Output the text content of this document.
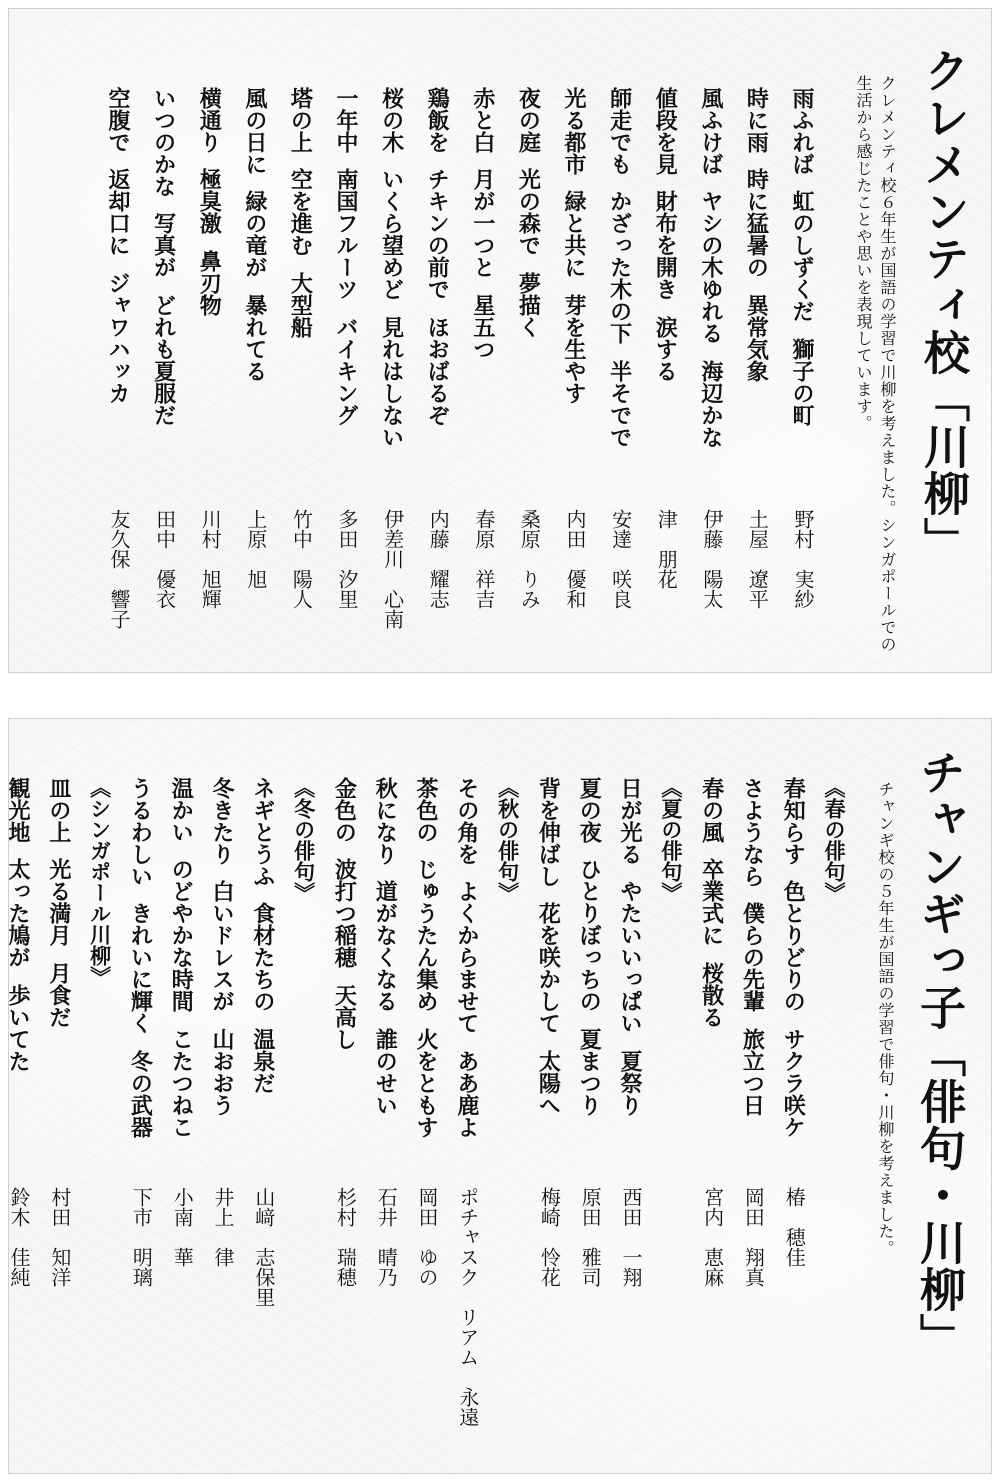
クレメンティ校「川柳」
クレメンティ校６年生が国語の学習で川柳を考えました。シンガポールでの
生活から感じたことや思いを表現しています。
雨ふれば虹のしずくだ獅子の町
野村実紗
時に雨時に猛暑の異常気象
土屋遼平
風ふけばヤシの木ゆれる海辺かな
伊藤陽太
値段を見財布を開き涙する
津朋花
師走でもかざった木の下半そでで
安達咲良
光る都市緑と共に芽を生やす
内田優和
夜の庭光の森で夢描く
桑原りみ
赤と白月が一つと星五つ
春原祥吉
鶏飯をチキンの前でほおばるぞ
内藤耀志
桜の木いくら望めど見れはしない
伊差川心南
一年中南国フルーツバイキング
多田汐里
塔の上空を進む大型船
竹中陽人
風の日に緑の竜が暴れてる
上原旭
横通り極臭激鼻刃物
川村旭輝
いつのかな写真がどれも夏服だ
田中優衣
空腹で返却口にジャワハッカ
友久保響子
チャンギっ子「俳句・川柳」
チャンギ校の５年生が国語の学習で俳句・川柳を考えました。
《春の俳句》
春知らす色とりどりのサクラ咲ケ
椿穂佳
さようなら僕らの先輩旅立つ日
岡田翔真
春の風卒業式に桜散る
宮内恵麻
《夏の俳句》
日が光るやたいいっぱい夏祭り
西田一翔
夏の夜ひとりぼっちの夏まつり
原田雅司
背を伸ばし花を咲かして太陽へ
梅崎怜花
《秋の俳句》
その角をよくからませてああ鹿よ
ポチャスクリアム永遠
茶色のじゅうたん集め火をともす
岡田ゆの
秋になり道がなくなる誰のせい
石井晴乃
金色の波打つ稲穂天高し
杉村瑞穂
《冬の俳句》
ネギとうふ食材たちの温泉だ
山﨑志保里
冬きたり白いドレスが山おおう
井上律
温かいのどやかな時間こたつねこ
小南華
うるわしいきれいに輝く冬の武器
下市明璃
《シンガポール川柳》
皿の上光る満月月食だ
村田知洋
観光地太った鳩が歩いてた
鈴木佳純
